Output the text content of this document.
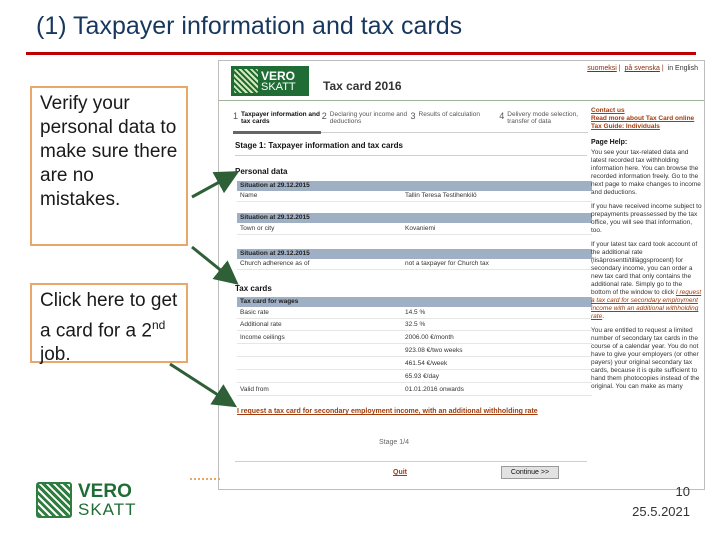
(1) Taxpayer information and tax cards
Verify your personal data to make sure there are no mistakes.
Click here to get a card for a 2nd job.
VERO
SKATT Tax card 2016
suomeksi | på svenska | in English
1 Taxpayer information and tax cards
2 Declaring your income and deductions
3 Results of calculation 4 Delivery mode selection, transfer of data
Stage 1: Taxpayer information and tax cards
Personal data
Situation at 29.12.2015
Name	Tallin Teresa Testihenkilö
Situation at 29.12.2015
Town or city	Kovaniemi
Situation at 29.12.2015
Church adherence as of	not a taxpayer for Church tax
Tax cards
Tax card for wages
Basic rate	14.5 %
Additional rate	32.5 %
Income ceilings	2006.00 €/month
923.08 €/two weeks
461.54 €/week
65.93 €/day
Valid from	01.01.2016 onwards
I request a tax card for secondary employment income, with an additional withholding rate
Stage 1/4
Quit	Continue >>
Contact us
Read more about Tax Card online
Tax Guide: Individuals
Page Help:
You see your tax-related data and latest recorded tax withholding information here. You can browse the recorded information freely. Go to the next page to make changes to income and deductions.
If you have received income subject to prepayments preassessed by the tax office, you will see that information, too.
If your latest tax card took account of the additional rate (lisäprosentti/tilläggsprocent) for secondary income, you can order a new tax card that only contains the additional rate. Simply go to the bottom of the window to click I request a tax card for secondary employment income with an additional withholding rate.
You are entitled to request a limited number of secondary tax cards in the course of a calendar year. You do not have to give your employers (or other payers) your original secondary tax cards, because it is quite sufficient to hand them photocopies instead of the original. You can make as many
VERO
SKATT
10
25.5.2021
